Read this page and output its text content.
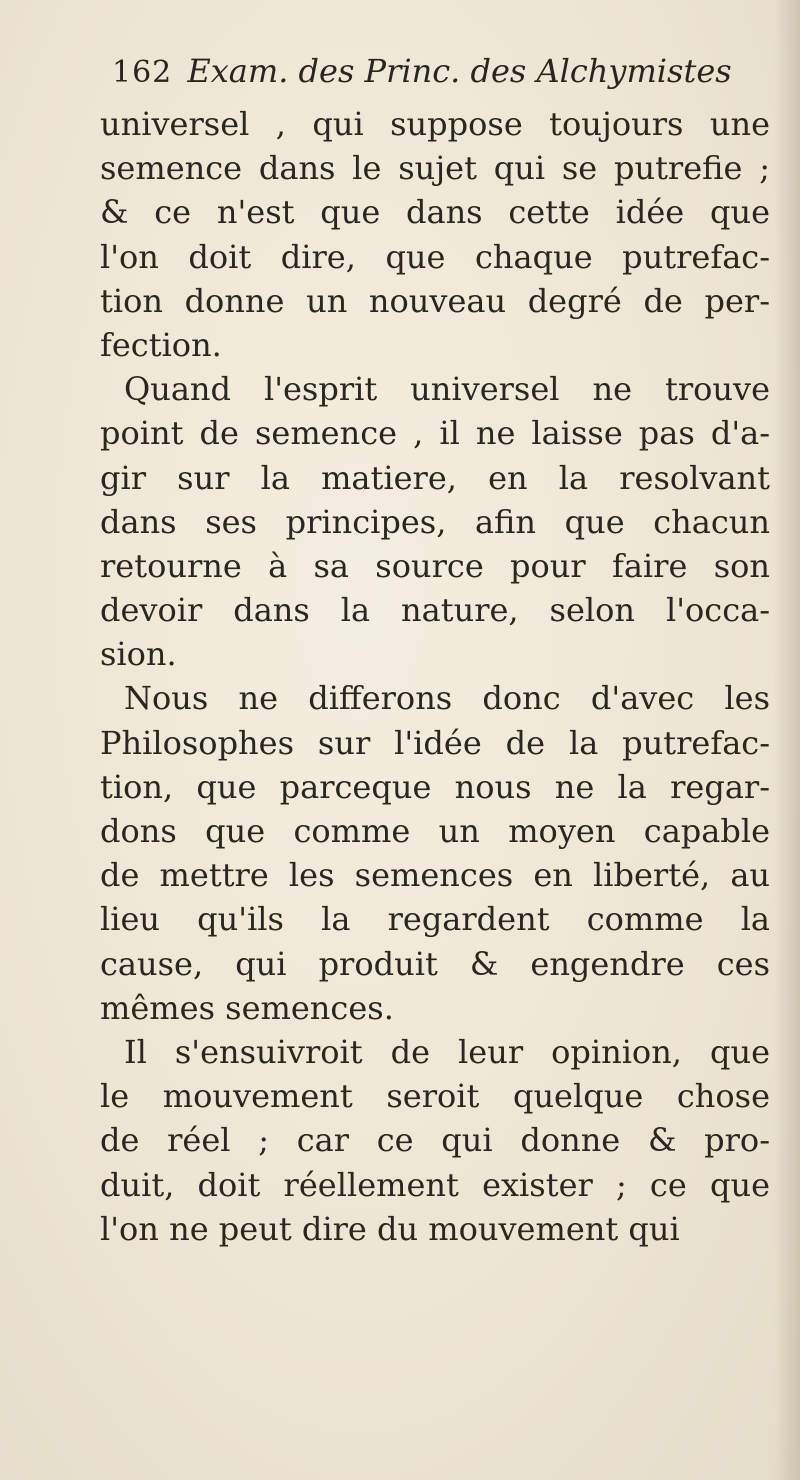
162 Exam. des Princ. des Alchymistes
universel , qui suppose toujours une
semence dans le sujet qui se putrefie ;
& ce n'est que dans cette idée que
l'on doit dire, que chaque putrefac-
tion donne un nouveau degré de per-
fection.
Quand l'esprit universel ne trouve
point de semence , il ne laisse pas d'a-
gir sur la matiere, en la resolvant
dans ses principes, afin que chacun
retourne à sa source pour faire son
devoir dans la nature, selon l'occa-
sion.
Nous ne differons donc d'avec les
Philosophes sur l'idée de la putrefac-
tion, que parceque nous ne la regar-
dons que comme un moyen capable
de mettre les semences en liberté, au
lieu qu'ils la regardent comme la
cause, qui produit & engendre ces
mêmes semences.
Il s'ensuivroit de leur opinion, que
le mouvement seroit quelque chose
de réel ; car ce qui donne & pro-
duit, doit réellement exister ; ce que
l'on ne peut dire du mouvement qui
